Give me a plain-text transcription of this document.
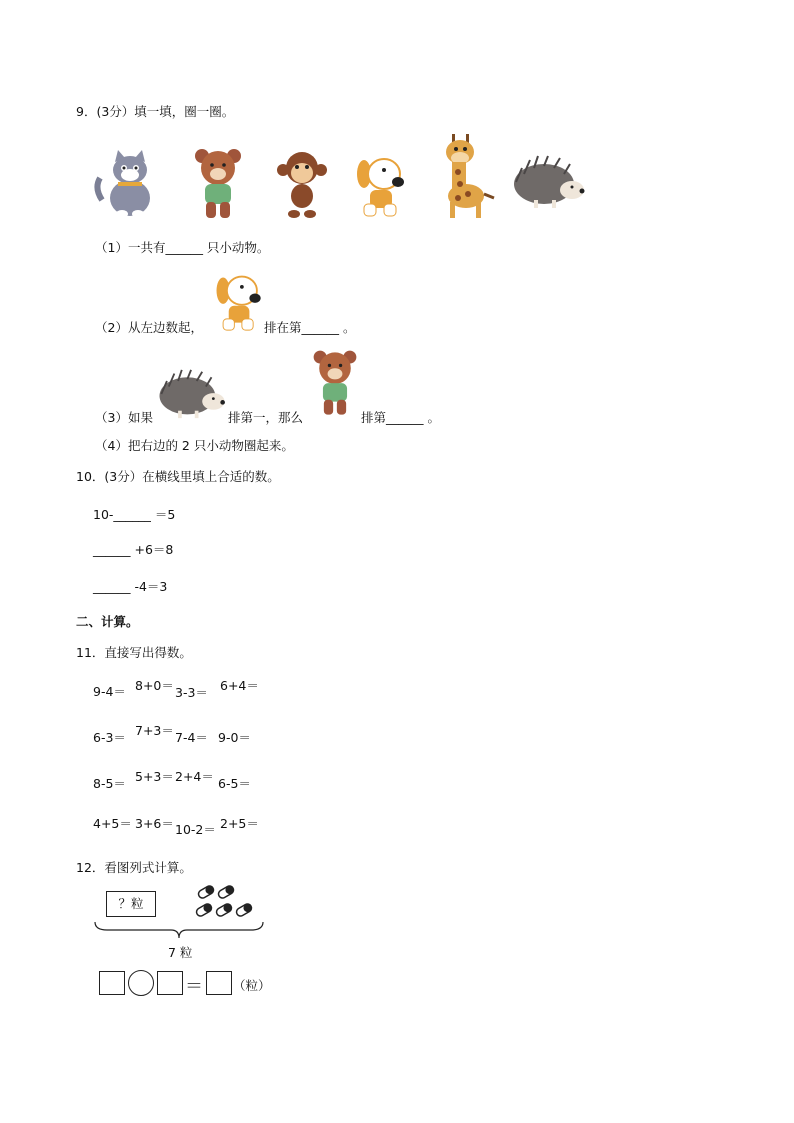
9．(3分）填一填，圈一圈。
（1）一共有______ 只小动物。
（2）从左边数起，	排在第______ 。
（3）如果	排第一，那么	排第______ 。
（4）把右边的 2 只小动物圈起来。
10．(3分）在横线里填上合适的数。
10-______ ＝5
______ +6＝8
______ -4＝3
二、计算。
11．直接写出得数。
9-4＝ 8+0＝ 3-3＝ 6+4＝
6-3＝ 7+3＝ 7-4＝ 9-0＝
8-5＝ 5+3＝ 2+4＝ 6-5＝
4+5＝ 3+6＝ 10-2＝ 2+5＝
12．看图列式计算。
？粒
7 粒
＝ （粒）
